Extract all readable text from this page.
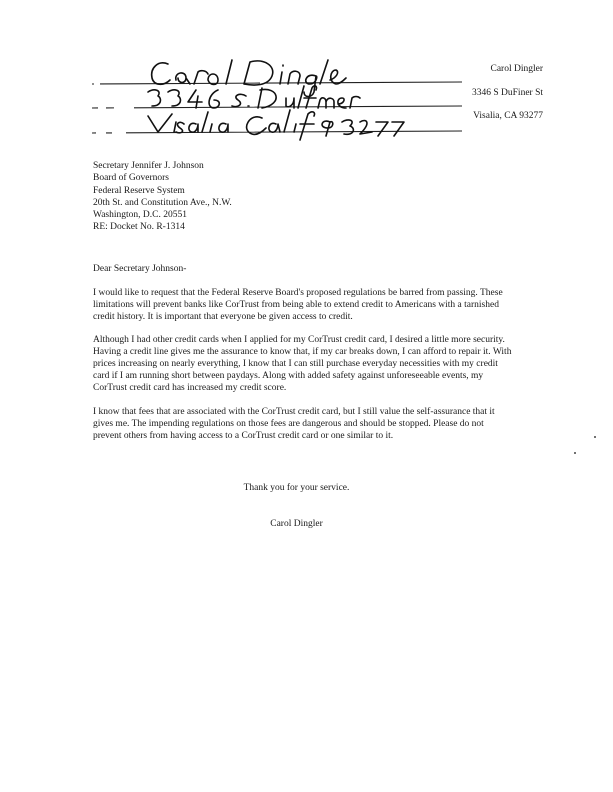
Carol Dingler
3346 S DuFiner St
Visalia, CA 93277
Secretary Jennifer J. Johnson
Board of Governors
Federal Reserve System
20th St. and Constitution Ave., N.W.
Washington, D.C. 20551
RE: Docket No. R-1314
Dear Secretary Johnson-
I would like to request that the Federal Reserve Board's proposed regulations be barred from passing. These limitations will prevent banks like CorTrust from being able to extend credit to Americans with a tarnished credit history. It is important that everyone be given access to credit.
Although I had other credit cards when I applied for my CorTrust credit card, I desired a little more security. Having a credit line gives me the assurance to know that, if my car breaks down, I can afford to repair it. With prices increasing on nearly everything, I know that I can still purchase everyday necessities with my credit card if I am running short between paydays. Along with added safety against unforeseeable events, my CorTrust credit card has increased my credit score.
I know that fees that are associated with the CorTrust credit card, but I still value the self-assurance that it gives me. The impending regulations on those fees are dangerous and should be stopped. Please do not prevent others from having access to a CorTrust credit card or one similar to it.
Thank you for your service.
Carol Dingler
